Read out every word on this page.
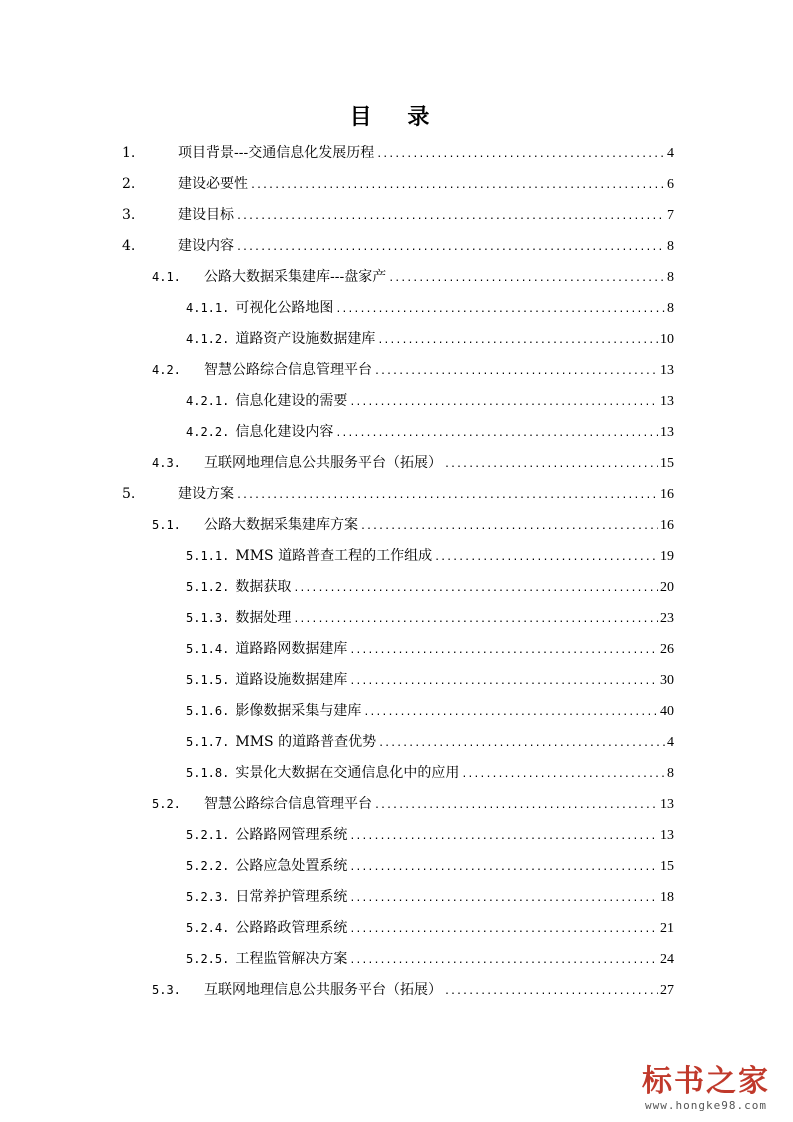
目 录
1.	项目背景---交通信息化发展历程 .....	4
2.	建设必要性 .....	6
3.	建设目标 .....	7
4.	建设内容 .....	8
4.1.	公路大数据采集建库---盘家产 .....	8
4.1.1. 可视化公路地图 .....	8
4.1.2. 道路资产设施数据建库 .....	10
4.2.	智慧公路综合信息管理平台 .....	13
4.2.1. 信息化建设的需要 .....	13
4.2.2. 信息化建设内容 .....	13
4.3.	互联网地理信息公共服务平台（拓展） .....	15
5.	建设方案 .....	16
5.1.	公路大数据采集建库方案 .....	16
5.1.1. MMS 道路普查工程的工作组成 .....	19
5.1.2. 数据获取 .....	20
5.1.3. 数据处理 .....	23
5.1.4. 道路路网数据建库 .....	26
5.1.5. 道路设施数据建库 .....	30
5.1.6. 影像数据采集与建库 .....	40
5.1.7. MMS 的道路普查优势 .....	4
5.1.8. 实景化大数据在交通信息化中的应用 .....	8
5.2.	智慧公路综合信息管理平台 .....	13
5.2.1. 公路路网管理系统 .....	13
5.2.2. 公路应急处置系统 .....	15
5.2.3. 日常养护管理系统 .....	18
5.2.4. 公路路政管理系统 .....	21
5.2.5. 工程监管解决方案 .....	24
5.3.	互联网地理信息公共服务平台（拓展） .....	27
标书之家
www.hongke98.com
